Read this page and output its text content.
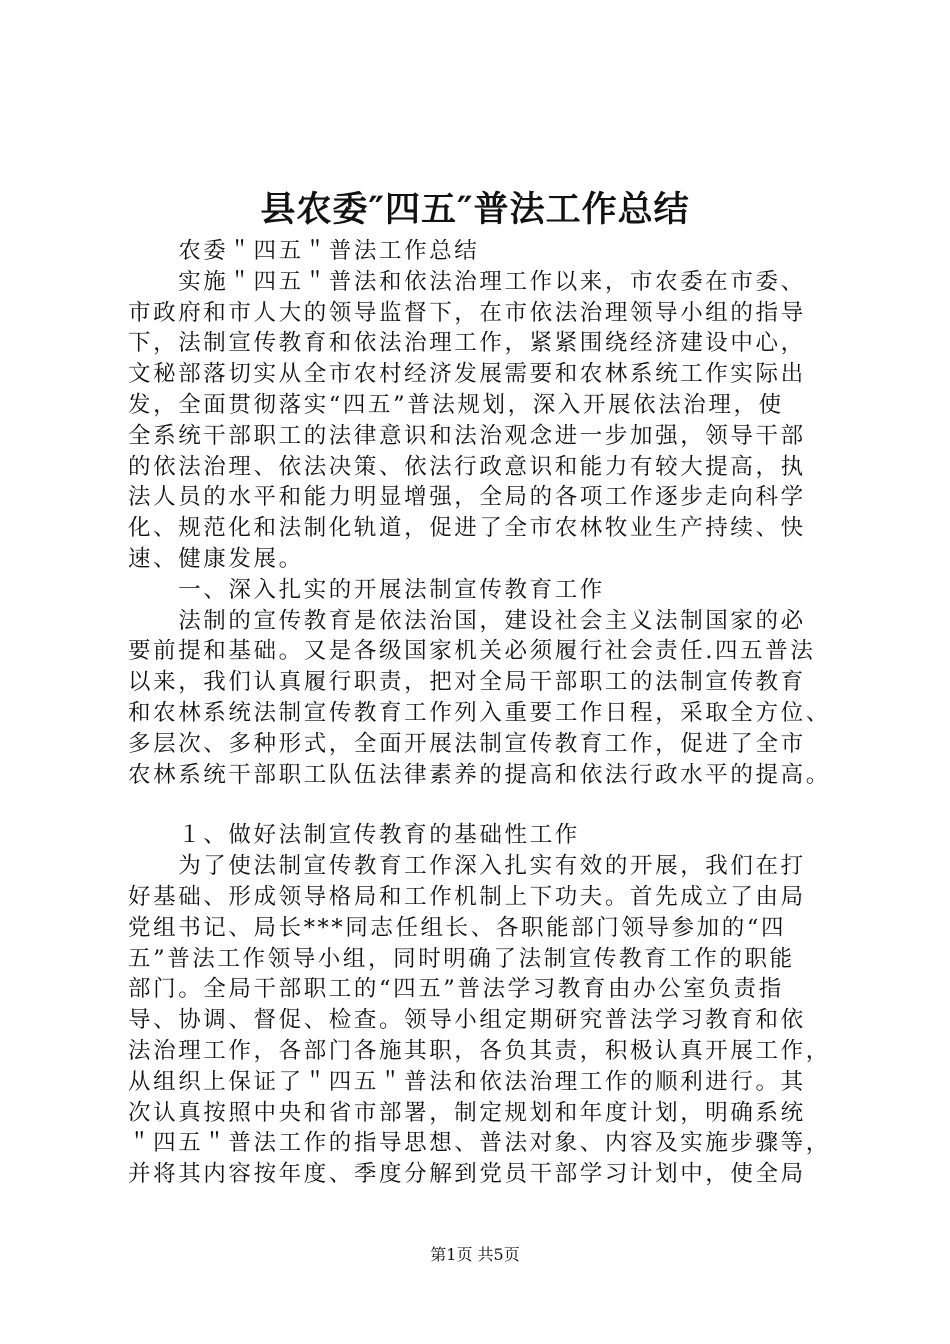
县农委″四五″普法工作总结
　　农委＂四五＂普法工作总结
　　实施＂四五＂普法和依法治理工作以来，市农委在市委、
市政府和市人大的领导监督下，在市依法治理领导小组的指导
下，法制宣传教育和依法治理工作，紧紧围绕经济建设中心，
文秘部落切实从全市农村经济发展需要和农林系统工作实际出
发，全面贯彻落实“四五”普法规划，深入开展依法治理，使
全系统干部职工的法律意识和法治观念进一步加强，领导干部
的依法治理、依法决策、依法行政意识和能力有较大提高，执
法人员的水平和能力明显增强，全局的各项工作逐步走向科学
化、规范化和法制化轨道，促进了全市农林牧业生产持续、快
速、健康发展。
　　一、深入扎实的开展法制宣传教育工作
　　法制的宣传教育是依法治国，建设社会主义法制国家的必
要前提和基础。又是各级国家机关必须履行社会责任.四五普法
以来，我们认真履行职责，把对全局干部职工的法制宣传教育
和农林系统法制宣传教育工作列入重要工作日程，采取全方位、
多层次、多种形式，全面开展法制宣传教育工作，促进了全市
农林系统干部职工队伍法律素养的提高和依法行政水平的提高。
　　１、做好法制宣传教育的基础性工作
　　为了使法制宣传教育工作深入扎实有效的开展，我们在打
好基础、形成领导格局和工作机制上下功夫。首先成立了由局
党组书记、局长***同志任组长、各职能部门领导参加的“四
五”普法工作领导小组，同时明确了法制宣传教育工作的职能
部门。全局干部职工的“四五”普法学习教育由办公室负责指
导、协调、督促、检查。领导小组定期研究普法学习教育和依
法治理工作，各部门各施其职，各负其责，积极认真开展工作，
从组织上保证了＂四五＂普法和依法治理工作的顺利进行。其
次认真按照中央和省市部署，制定规划和年度计划，明确系统
＂四五＂普法工作的指导思想、普法对象、内容及实施步骤等，
并将其内容按年度、季度分解到党员干部学习计划中，使全局
第1页 共5页
